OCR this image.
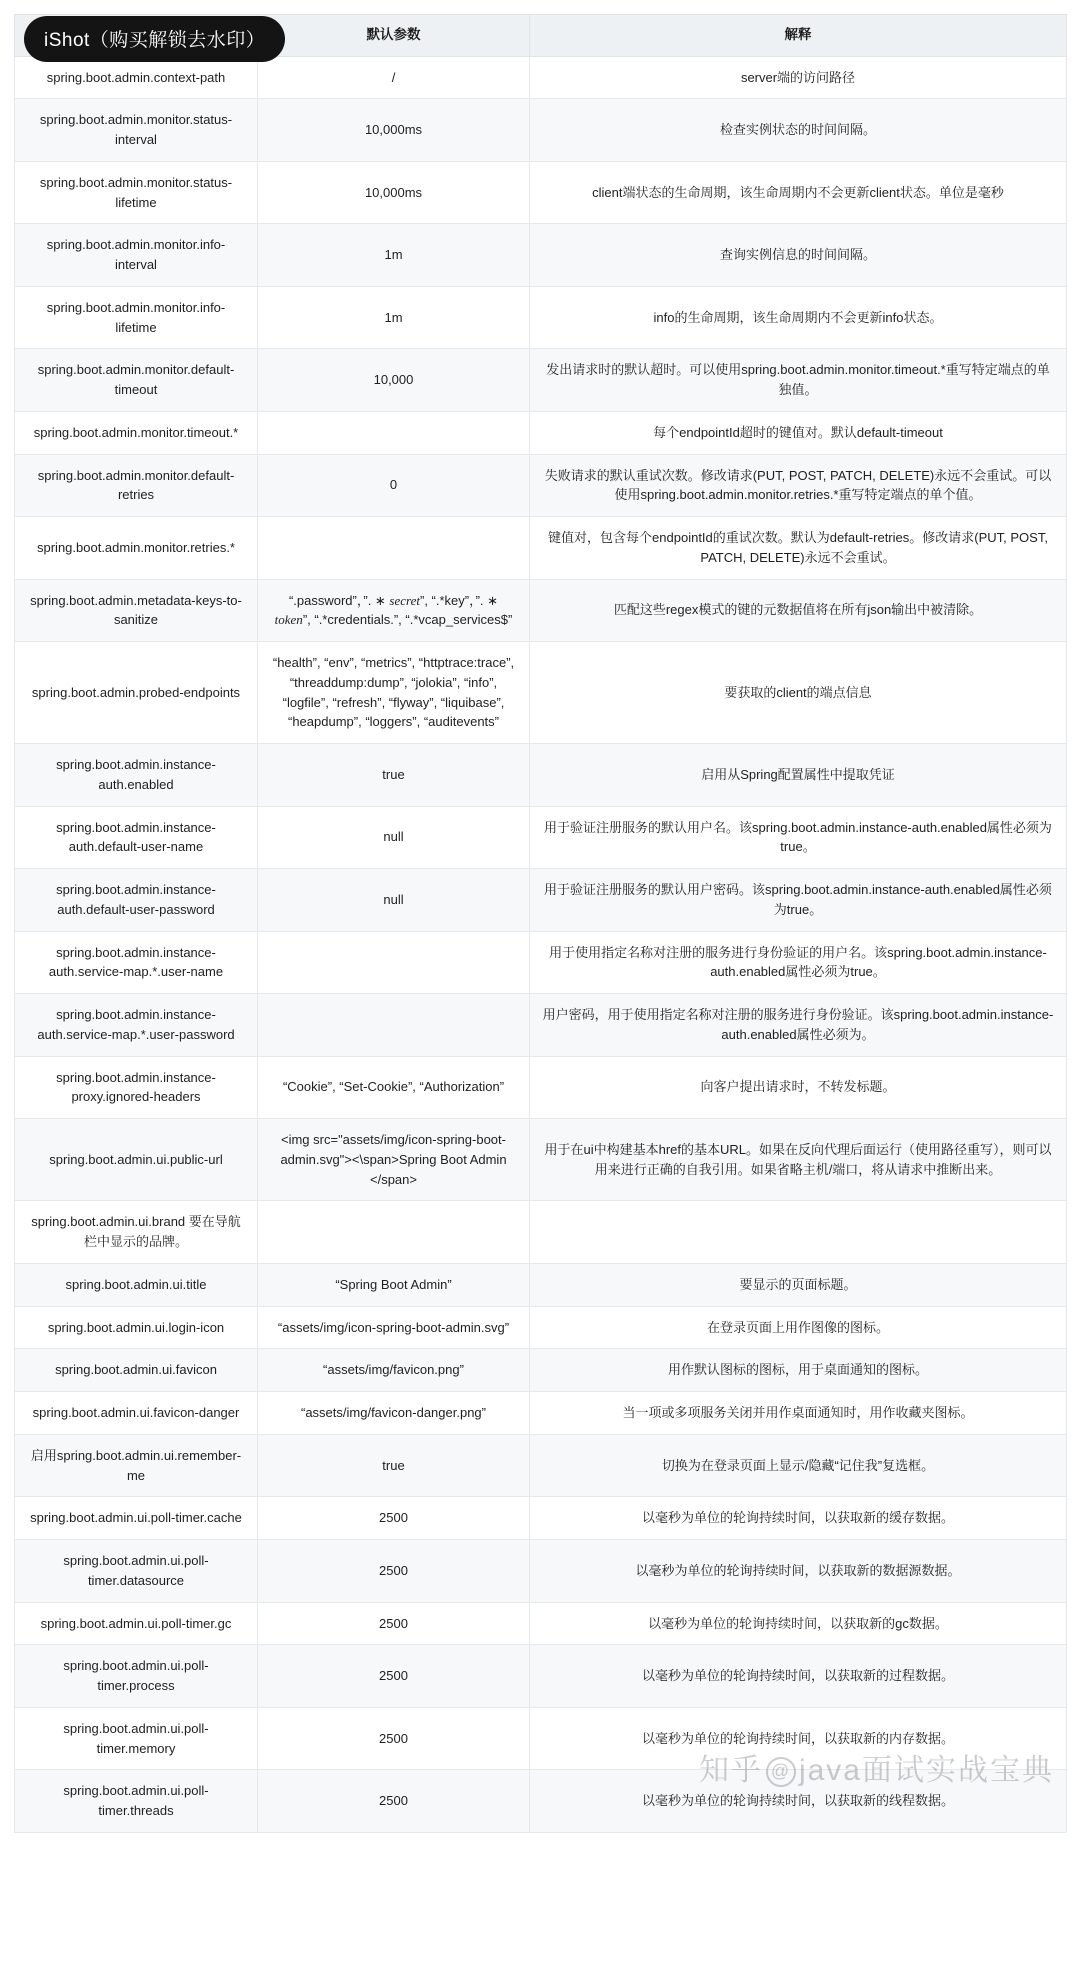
iShot（购买解锁去水印）
		默认参数	解释
spring.boot.admin.context-path	/	server端的访问路径
spring.boot.admin.monitor.status-interval	10,000ms	检查实例状态的时间间隔。
spring.boot.admin.monitor.status-lifetime	10,000ms	client端状态的生命周期，该生命周期内不会更新client状态。单位是毫秒
spring.boot.admin.monitor.info-interval	1m	查询实例信息的时间间隔。
spring.boot.admin.monitor.info-lifetime	1m	info的生命周期，该生命周期内不会更新info状态。
spring.boot.admin.monitor.default-timeout	10,000	发出请求时的默认超时。可以使用spring.boot.admin.monitor.timeout.*重写特定端点的单独值。
spring.boot.admin.monitor.timeout.*		每个endpointId超时的键值对。默认default-timeout
spring.boot.admin.monitor.default-retries	0	失败请求的默认重试次数。修改请求(PUT, POST, PATCH, DELETE)永远不会重试。可以使用spring.boot.admin.monitor.retries.*重写特定端点的单个值。
spring.boot.admin.monitor.retries.*		键值对，包含每个endpointId的重试次数。默认为default-retries。修改请求(PUT, POST, PATCH, DELETE)永远不会重试。
spring.boot.admin.metadata-keys-to-sanitize	“.password”，”. ∗ secret”, “.*key”，”. ∗ token”, “.*credentials.”, “.*vcap_services$”	匹配这些regex模式的键的元数据值将在所有json输出中被清除。
spring.boot.admin.probed-endpoints	“health”, “env”, “metrics”, “httptrace:trace”, “threaddump:dump”, “jolokia”, “info”, “logfile”, “refresh”, “flyway”, “liquibase”, “heapdump”, “loggers”, “auditevents”	要获取的client的端点信息
spring.boot.admin.instance-auth.enabled	true	启用从Spring配置属性中提取凭证
spring.boot.admin.instance-auth.default-user-name	null	用于验证注册服务的默认用户名。该spring.boot.admin.instance-auth.enabled属性必须为true。
spring.boot.admin.instance-auth.default-user-password	null	用于验证注册服务的默认用户密码。该spring.boot.admin.instance-auth.enabled属性必须为true。
spring.boot.admin.instance-auth.service-map.*.user-name		用于使用指定名称对注册的服务进行身份验证的用户名。该spring.boot.admin.instance-auth.enabled属性必须为true。
spring.boot.admin.instance-auth.service-map.*.user-password		用户密码，用于使用指定名称对注册的服务进行身份验证。该spring.boot.admin.instance-auth.enabled属性必须为。
spring.boot.admin.instance-proxy.ignored-headers	“Cookie”, “Set-Cookie”, “Authorization”	向客户提出请求时，不转发标题。
spring.boot.admin.ui.public-url	<img src="assets/img/icon-spring-boot-admin.svg"><\span>Spring Boot Admin </span>	用于在ui中构建基本href的基本URL。如果在反向代理后面运行（使用路径重写），则可以用来进行正确的自我引用。如果省略主机/端口，将从请求中推断出来。
spring.boot.admin.ui.brand 要在导航栏中显示的品牌。		
spring.boot.admin.ui.title	“Spring Boot Admin”	要显示的页面标题。
spring.boot.admin.ui.login-icon	“assets/img/icon-spring-boot-admin.svg”	在登录页面上用作图像的图标。
spring.boot.admin.ui.favicon	“assets/img/favicon.png”	用作默认图标的图标，用于桌面通知的图标。
spring.boot.admin.ui.favicon-danger	“assets/img/favicon-danger.png”	当一项或多项服务关闭并用作桌面通知时，用作收藏夹图标。
启用spring.boot.admin.ui.remember-me	true	切换为在登录页面上显示/隐藏“记住我”复选框。
spring.boot.admin.ui.poll-timer.cache	2500	以毫秒为单位的轮询持续时间，以获取新的缓存数据。
spring.boot.admin.ui.poll-timer.datasource	2500	以毫秒为单位的轮询持续时间，以获取新的数据源数据。
spring.boot.admin.ui.poll-timer.gc	2500	以毫秒为单位的轮询持续时间，以获取新的gc数据。
spring.boot.admin.ui.poll-timer.process	2500	以毫秒为单位的轮询持续时间，以获取新的过程数据。
spring.boot.admin.ui.poll-timer.memory	2500	以毫秒为单位的轮询持续时间，以获取新的内存数据。
spring.boot.admin.ui.poll-timer.threads	2500	以毫秒为单位的轮询持续时间，以获取新的线程数据。
知乎 @ java面试实战宝典
